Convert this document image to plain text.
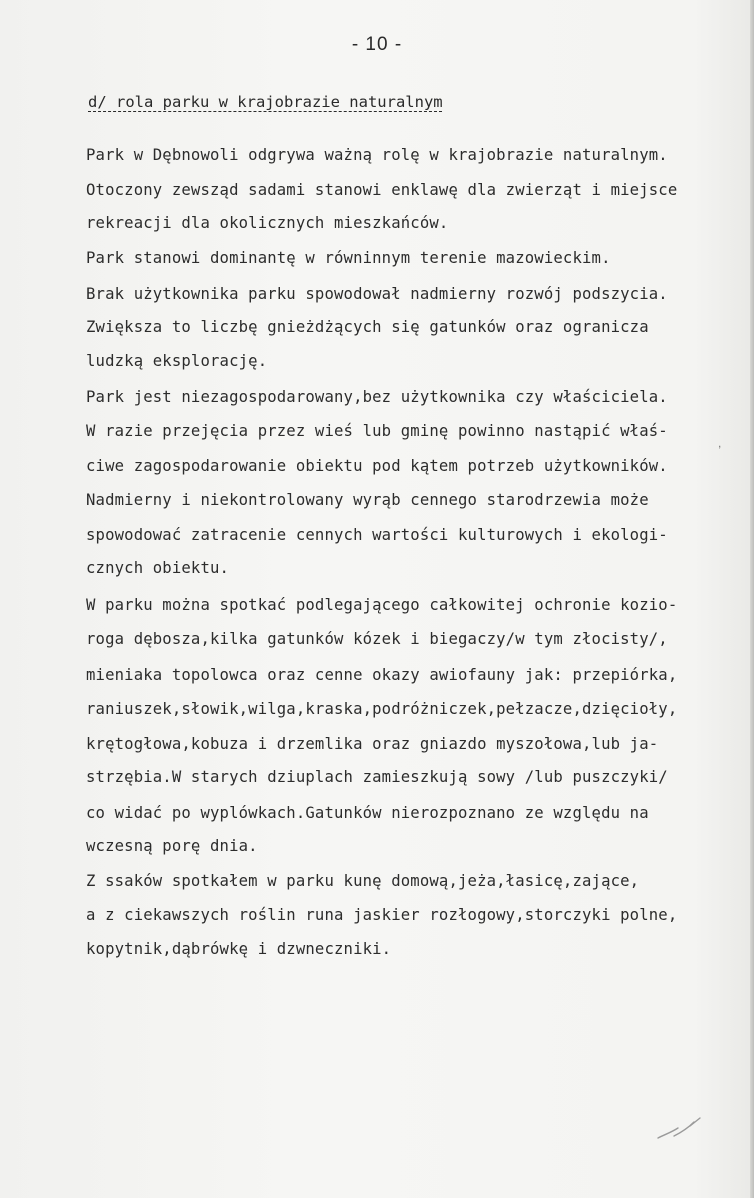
- 10 -
d/ rola parku w krajobrazie naturalnym
Park w Dębnowoli odgrywa ważną rolę w krajobrazie naturalnym.
Otoczony zewsząd sadami stanowi enklawę dla zwierząt i miejsce
rekreacji dla okolicznych mieszkańców.
Park stanowi dominantę w równinnym terenie mazowieckim.
Brak użytkownika parku spowodował nadmierny rozwój podszycia.
Zwiększa to liczbę gnieżdżących się gatunków oraz ogranicza
ludzką eksplorację.
Park jest niezagospodarowany,bez użytkownika czy właściciela.
W razie przejęcia przez wieś lub gminę powinno nastąpić właś-
ciwe zagospodarowanie obiektu pod kątem potrzeb użytkowników.
Nadmierny i niekontrolowany wyrąb cennego starodrzewia może
spowodować zatracenie cennych wartości kulturowych i ekologi-
cznych obiektu.
W parku można spotkać podlegającego całkowitej ochronie kozio-
roga dębosza,kilka gatunków kózek i biegaczy/w tym złocisty/,
mieniaka topolowca oraz cenne okazy awiofauny jak: przepiórka,
raniuszek,słowik,wilga,kraska,podróżniczek,pełzacze,dzięcioły,
krętogłowa,kobuza i drzemlika oraz gniazdo myszołowa,lub ja-
strzębia.W starych dziuplach zamieszkują sowy /lub puszczyki/
co widać po wyplówkach.Gatunków nierozpoznano ze względu na
wczesną porę dnia.
Z ssaków spotkałem w parku kunę domową,jeża,łasicę,zające,
a z ciekawszych roślin runa jaskier rozłogowy,storczyki polne,
kopytnik,dąbrówkę i dzwneczniki.
,
